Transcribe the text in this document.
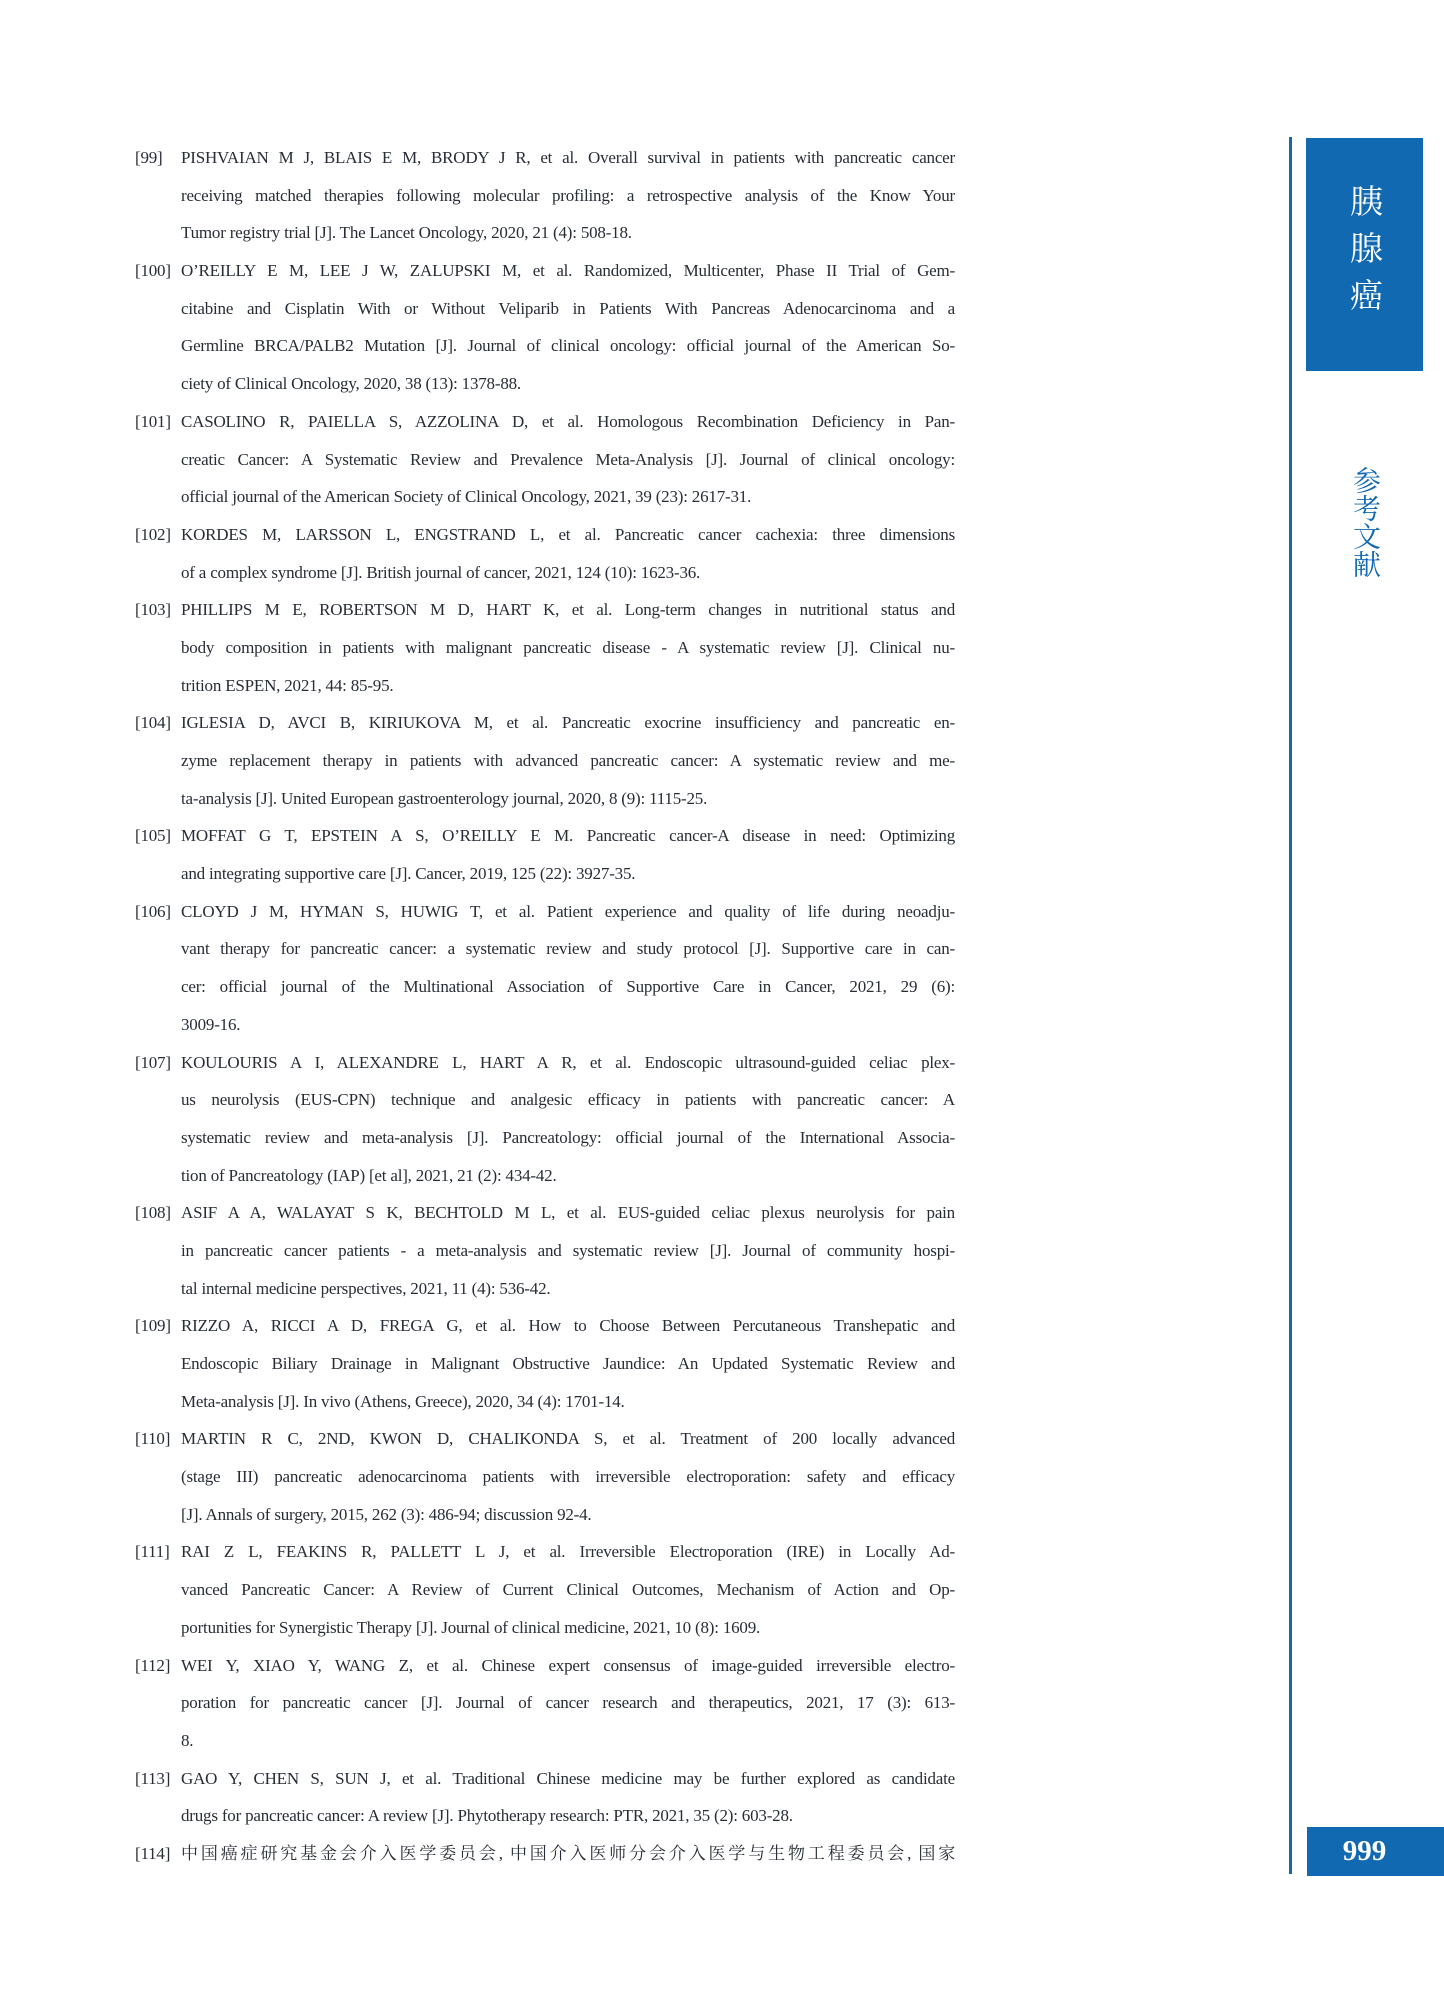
[99] PISHVAIAN M J, BLAIS E M, BRODY J R, et al. Overall survival in patients with pancreatic cancer
receiving matched therapies following molecular profiling: a retrospective analysis of the Know Your
Tumor registry trial [J]. The Lancet Oncology, 2020, 21 (4): 508-18.
[100] O’REILLY E M, LEE J W, ZALUPSKI M, et al. Randomized, Multicenter, Phase II Trial of Gem-
citabine and Cisplatin With or Without Veliparib in Patients With Pancreas Adenocarcinoma and a
Germline BRCA/PALB2 Mutation [J]. Journal of clinical oncology: official journal of the American So-
ciety of Clinical Oncology, 2020, 38 (13): 1378-88.
[101] CASOLINO R, PAIELLA S, AZZOLINA D, et al. Homologous Recombination Deficiency in Pan-
creatic Cancer: A Systematic Review and Prevalence Meta-Analysis [J]. Journal of clinical oncology:
official journal of the American Society of Clinical Oncology, 2021, 39 (23): 2617-31.
[102] KORDES M, LARSSON L, ENGSTRAND L, et al. Pancreatic cancer cachexia: three dimensions
of a complex syndrome [J]. British journal of cancer, 2021, 124 (10): 1623-36.
[103] PHILLIPS M E, ROBERTSON M D, HART K, et al. Long-term changes in nutritional status and
body composition in patients with malignant pancreatic disease - A systematic review [J]. Clinical nu-
trition ESPEN, 2021, 44: 85-95.
[104] IGLESIA D, AVCI B, KIRIUKOVA M, et al. Pancreatic exocrine insufficiency and pancreatic en-
zyme replacement therapy in patients with advanced pancreatic cancer: A systematic review and me-
ta-analysis [J]. United European gastroenterology journal, 2020, 8 (9): 1115-25.
[105] MOFFAT G T, EPSTEIN A S, O’REILLY E M. Pancreatic cancer-A disease in need: Optimizing
and integrating supportive care [J]. Cancer, 2019, 125 (22): 3927-35.
[106] CLOYD J M, HYMAN S, HUWIG T, et al. Patient experience and quality of life during neoadju-
vant therapy for pancreatic cancer: a systematic review and study protocol [J]. Supportive care in can-
cer: official journal of the Multinational Association of Supportive Care in Cancer, 2021, 29 (6):
3009-16.
[107] KOULOURIS A I, ALEXANDRE L, HART A R, et al. Endoscopic ultrasound-guided celiac plex-
us neurolysis (EUS-CPN) technique and analgesic efficacy in patients with pancreatic cancer: A
systematic review and meta-analysis [J]. Pancreatology: official journal of the International Associa-
tion of Pancreatology (IAP) [et al], 2021, 21 (2): 434-42.
[108] ASIF A A, WALAYAT S K, BECHTOLD M L, et al. EUS-guided celiac plexus neurolysis for pain
in pancreatic cancer patients - a meta-analysis and systematic review [J]. Journal of community hospi-
tal internal medicine perspectives, 2021, 11 (4): 536-42.
[109] RIZZO A, RICCI A D, FREGA G, et al. How to Choose Between Percutaneous Transhepatic and
Endoscopic Biliary Drainage in Malignant Obstructive Jaundice: An Updated Systematic Review and
Meta-analysis [J]. In vivo (Athens, Greece), 2020, 34 (4): 1701-14.
[110] MARTIN R C, 2ND, KWON D, CHALIKONDA S, et al. Treatment of 200 locally advanced
(stage III) pancreatic adenocarcinoma patients with irreversible electroporation: safety and efficacy
[J]. Annals of surgery, 2015, 262 (3): 486-94; discussion 92-4.
[111] RAI Z L, FEAKINS R, PALLETT L J, et al. Irreversible Electroporation (IRE) in Locally Ad-
vanced Pancreatic Cancer: A Review of Current Clinical Outcomes, Mechanism of Action and Op-
portunities for Synergistic Therapy [J]. Journal of clinical medicine, 2021, 10 (8): 1609.
[112] WEI Y, XIAO Y, WANG Z, et al. Chinese expert consensus of image-guided irreversible electro-
poration for pancreatic cancer [J]. Journal of cancer research and therapeutics, 2021, 17 (3): 613-
8.
[113] GAO Y, CHEN S, SUN J, et al. Traditional Chinese medicine may be further explored as candidate
drugs for pancreatic cancer: A review [J]. Phytotherapy research: PTR, 2021, 35 (2): 603-28.
[114] 中国癌症研究基金会介入医学委员会, 中国介入医师分会介入医学与生物工程委员会, 国家
胰腺癌
参考文献
999
